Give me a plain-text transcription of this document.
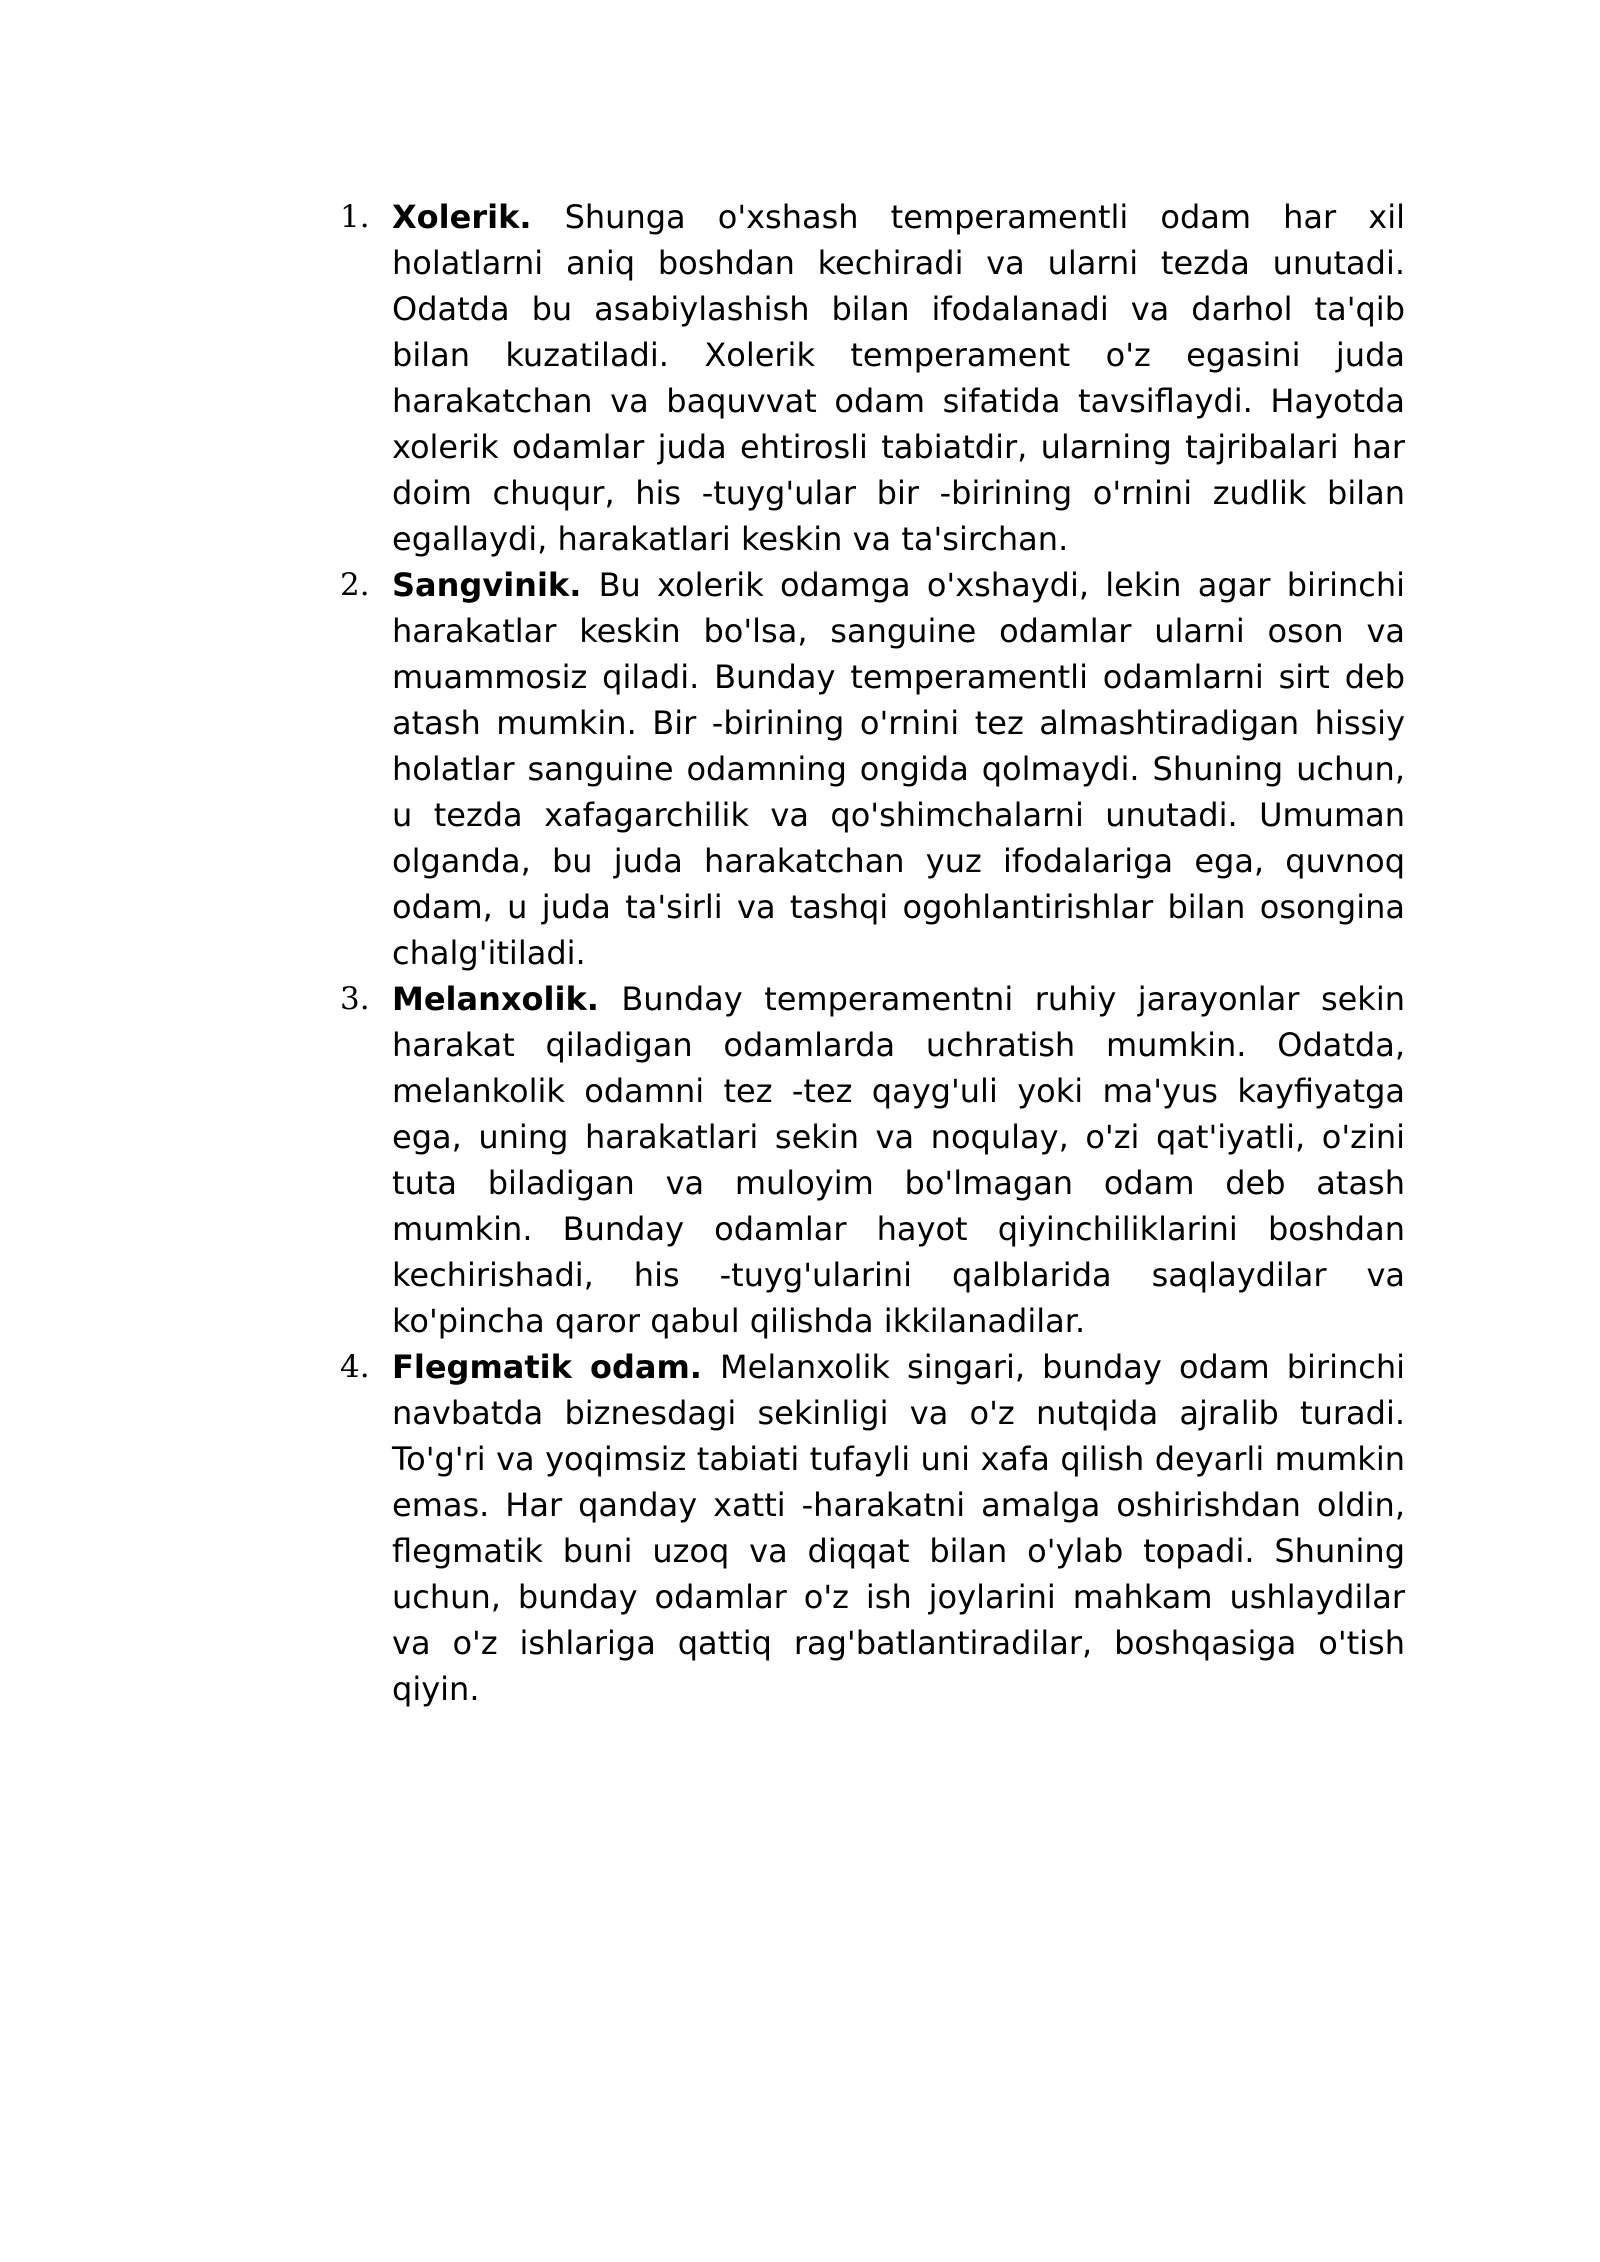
1. Xolerik. Shunga o'xshash temperamentli odam har xil holatlarni aniq boshdan kechiradi va ularni tezda unutadi. Odatda bu asabiylashish bilan ifodalanadi va darhol ta'qib bilan kuzatiladi. Xolerik temperament o'z egasini juda harakatchan va baquvvat odam sifatida tavsiflaydi. Hayotda xolerik odamlar juda ehtirosli tabiatdir, ularning tajribalari har doim chuqur, his -tuyg'ular bir -birining o'rnini zudlik bilan egallaydi, harakatlari keskin va ta'sirchan.
2. Sangvinik. Bu xolerik odamga o'xshaydi, lekin agar birinchi harakatlar keskin bo'lsa, sanguine odamlar ularni oson va muammosiz qiladi. Bunday temperamentli odamlarni sirt deb atash mumkin. Bir -birining o'rnini tez almashtiradigan hissiy holatlar sanguine odamning ongida qolmaydi. Shuning uchun, u tezda xafagarchilik va qo'shimchalarni unutadi. Umuman olganda, bu juda harakatchan yuz ifodalariga ega, quvnoq odam, u juda ta'sirli va tashqi ogohlantirishlar bilan osongina chalg'itiladi.
3. Melanxolik. Bunday temperamentni ruhiy jarayonlar sekin harakat qiladigan odamlarda uchratish mumkin. Odatda, melankolik odamni tez -tez qayg'uli yoki ma'yus kayfiyatga ega, uning harakatlari sekin va noqulay, o'zi qat'iyatli, o'zini tuta biladigan va muloyim bo'lmagan odam deb atash mumkin. Bunday odamlar hayot qiyinchiliklarini boshdan kechirishadi, his -tuyg'ularini qalblarida saqlaydilar va ko'pincha qaror qabul qilishda ikkilanadilar.
4. Flegmatik odam. Melanxolik singari, bunday odam birinchi navbatda biznesdagi sekinligi va o'z nutqida ajralib turadi. To'g'ri va yoqimsiz tabiati tufayli uni xafa qilish deyarli mumkin emas. Har qanday xatti -harakatni amalga oshirishdan oldin, flegmatik buni uzoq va diqqat bilan o'ylab topadi. Shuning uchun, bunday odamlar o'z ish joylarini mahkam ushlaydilar va o'z ishlariga qattiq rag'batlantiradilar, boshqasiga o'tish qiyin.
